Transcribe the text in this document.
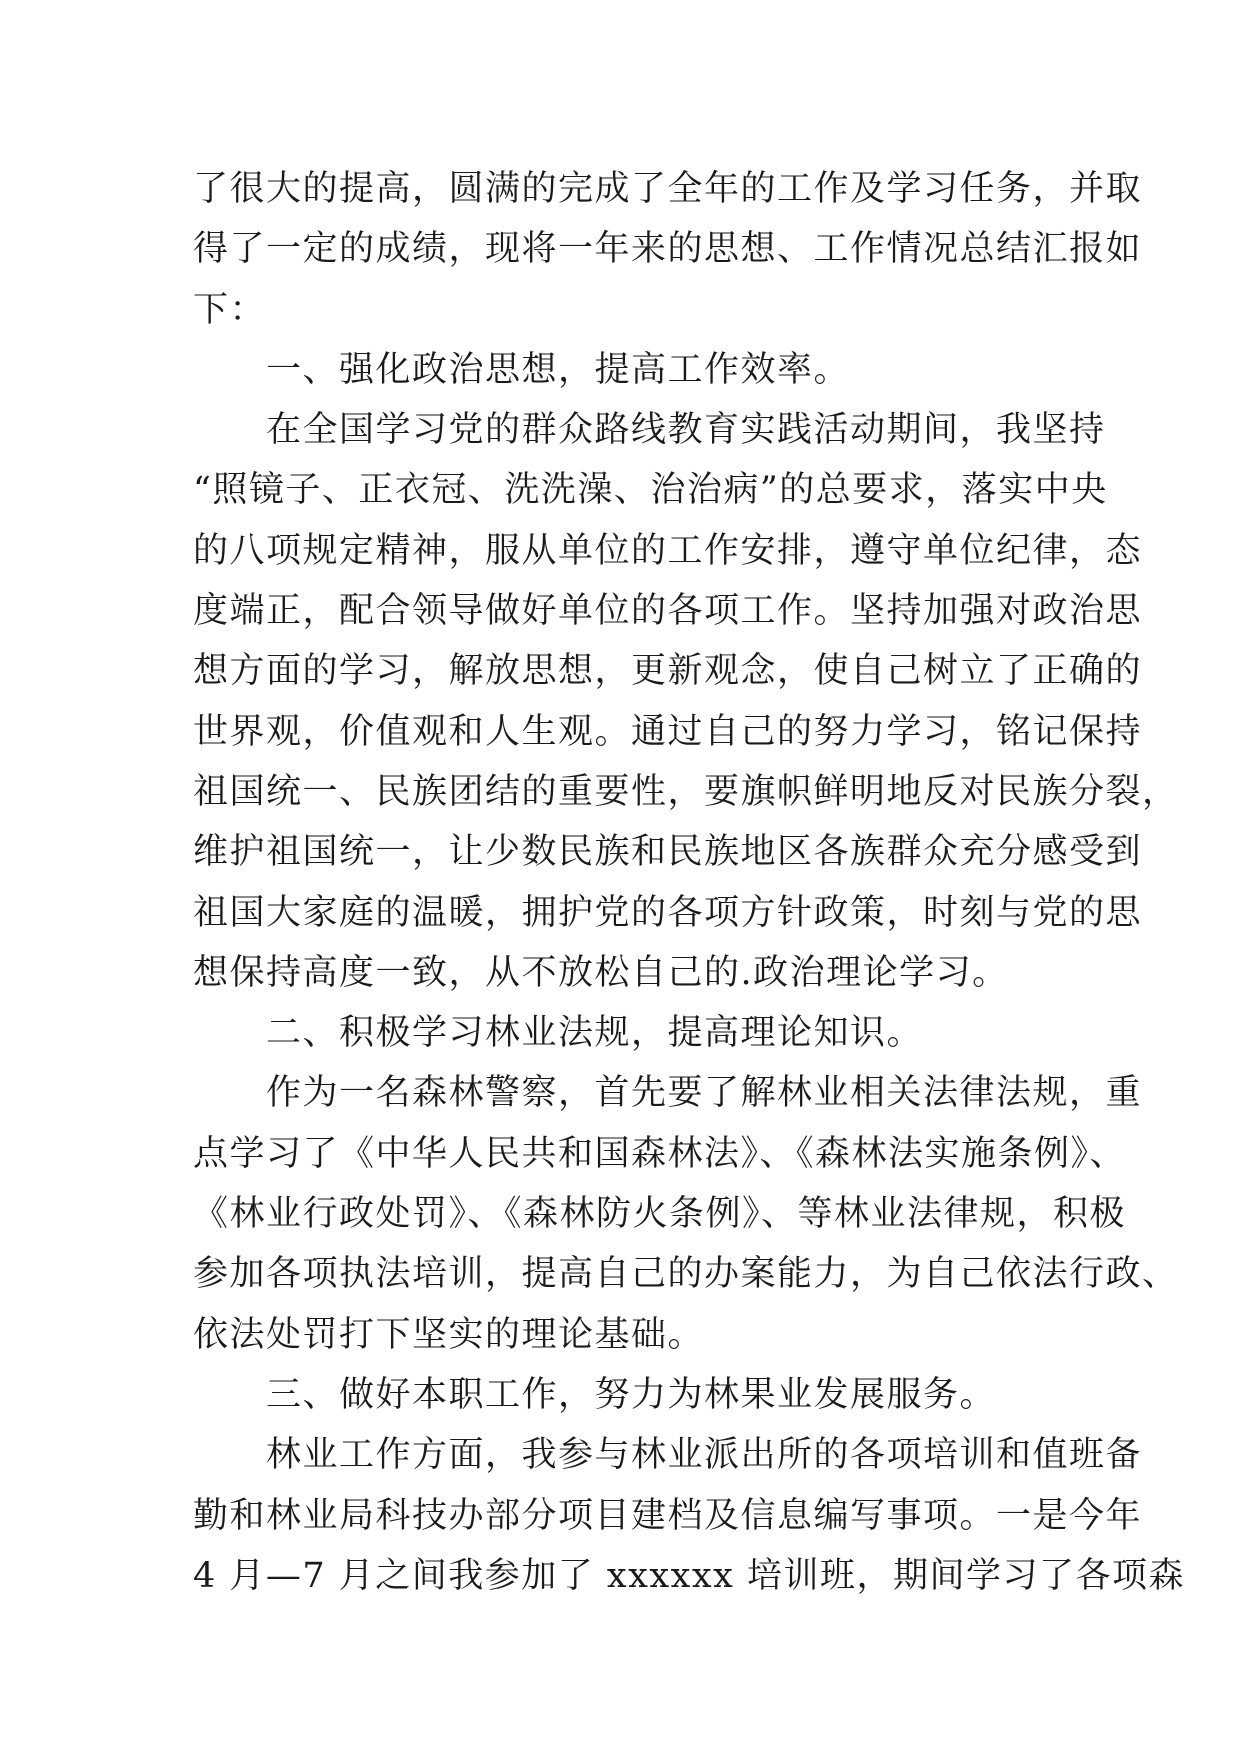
了很大的提高，圆满的完成了全年的工作及学习任务，并取
得了一定的成绩，现将一年来的思想、工作情况总结汇报如
下：
　　一、强化政治思想，提高工作效率。
　　在全国学习党的群众路线教育实践活动期间，我坚持
“照镜子、正衣冠、洗洗澡、治治病”的总要求，落实中央
的八项规定精神，服从单位的工作安排，遵守单位纪律，态
度端正，配合领导做好单位的各项工作。坚持加强对政治思
想方面的学习，解放思想，更新观念，使自己树立了正确的
世界观，价值观和人生观。通过自己的努力学习，铭记保持
祖国统一、民族团结的重要性，要旗帜鲜明地反对民族分裂，
维护祖国统一，让少数民族和民族地区各族群众充分感受到
祖国大家庭的温暖，拥护党的各项方针政策，时刻与党的思
想保持高度一致，从不放松自己的.政治理论学习。
　　二、积极学习林业法规，提高理论知识。
　　作为一名森林警察，首先要了解林业相关法律法规，重
点学习了《中华人民共和国森林法》、《森林法实施条例》、
《林业行政处罚》、《森林防火条例》、等林业法律规，积极
参加各项执法培训，提高自己的办案能力，为自己依法行政、
依法处罚打下坚实的理论基础。
　　三、做好本职工作，努力为林果业发展服务。
　　林业工作方面，我参与林业派出所的各项培训和值班备
勤和林业局科技办部分项目建档及信息编写事项。一是今年
4 月—7 月之间我参加了 xxxxxx 培训班，期间学习了各项森
